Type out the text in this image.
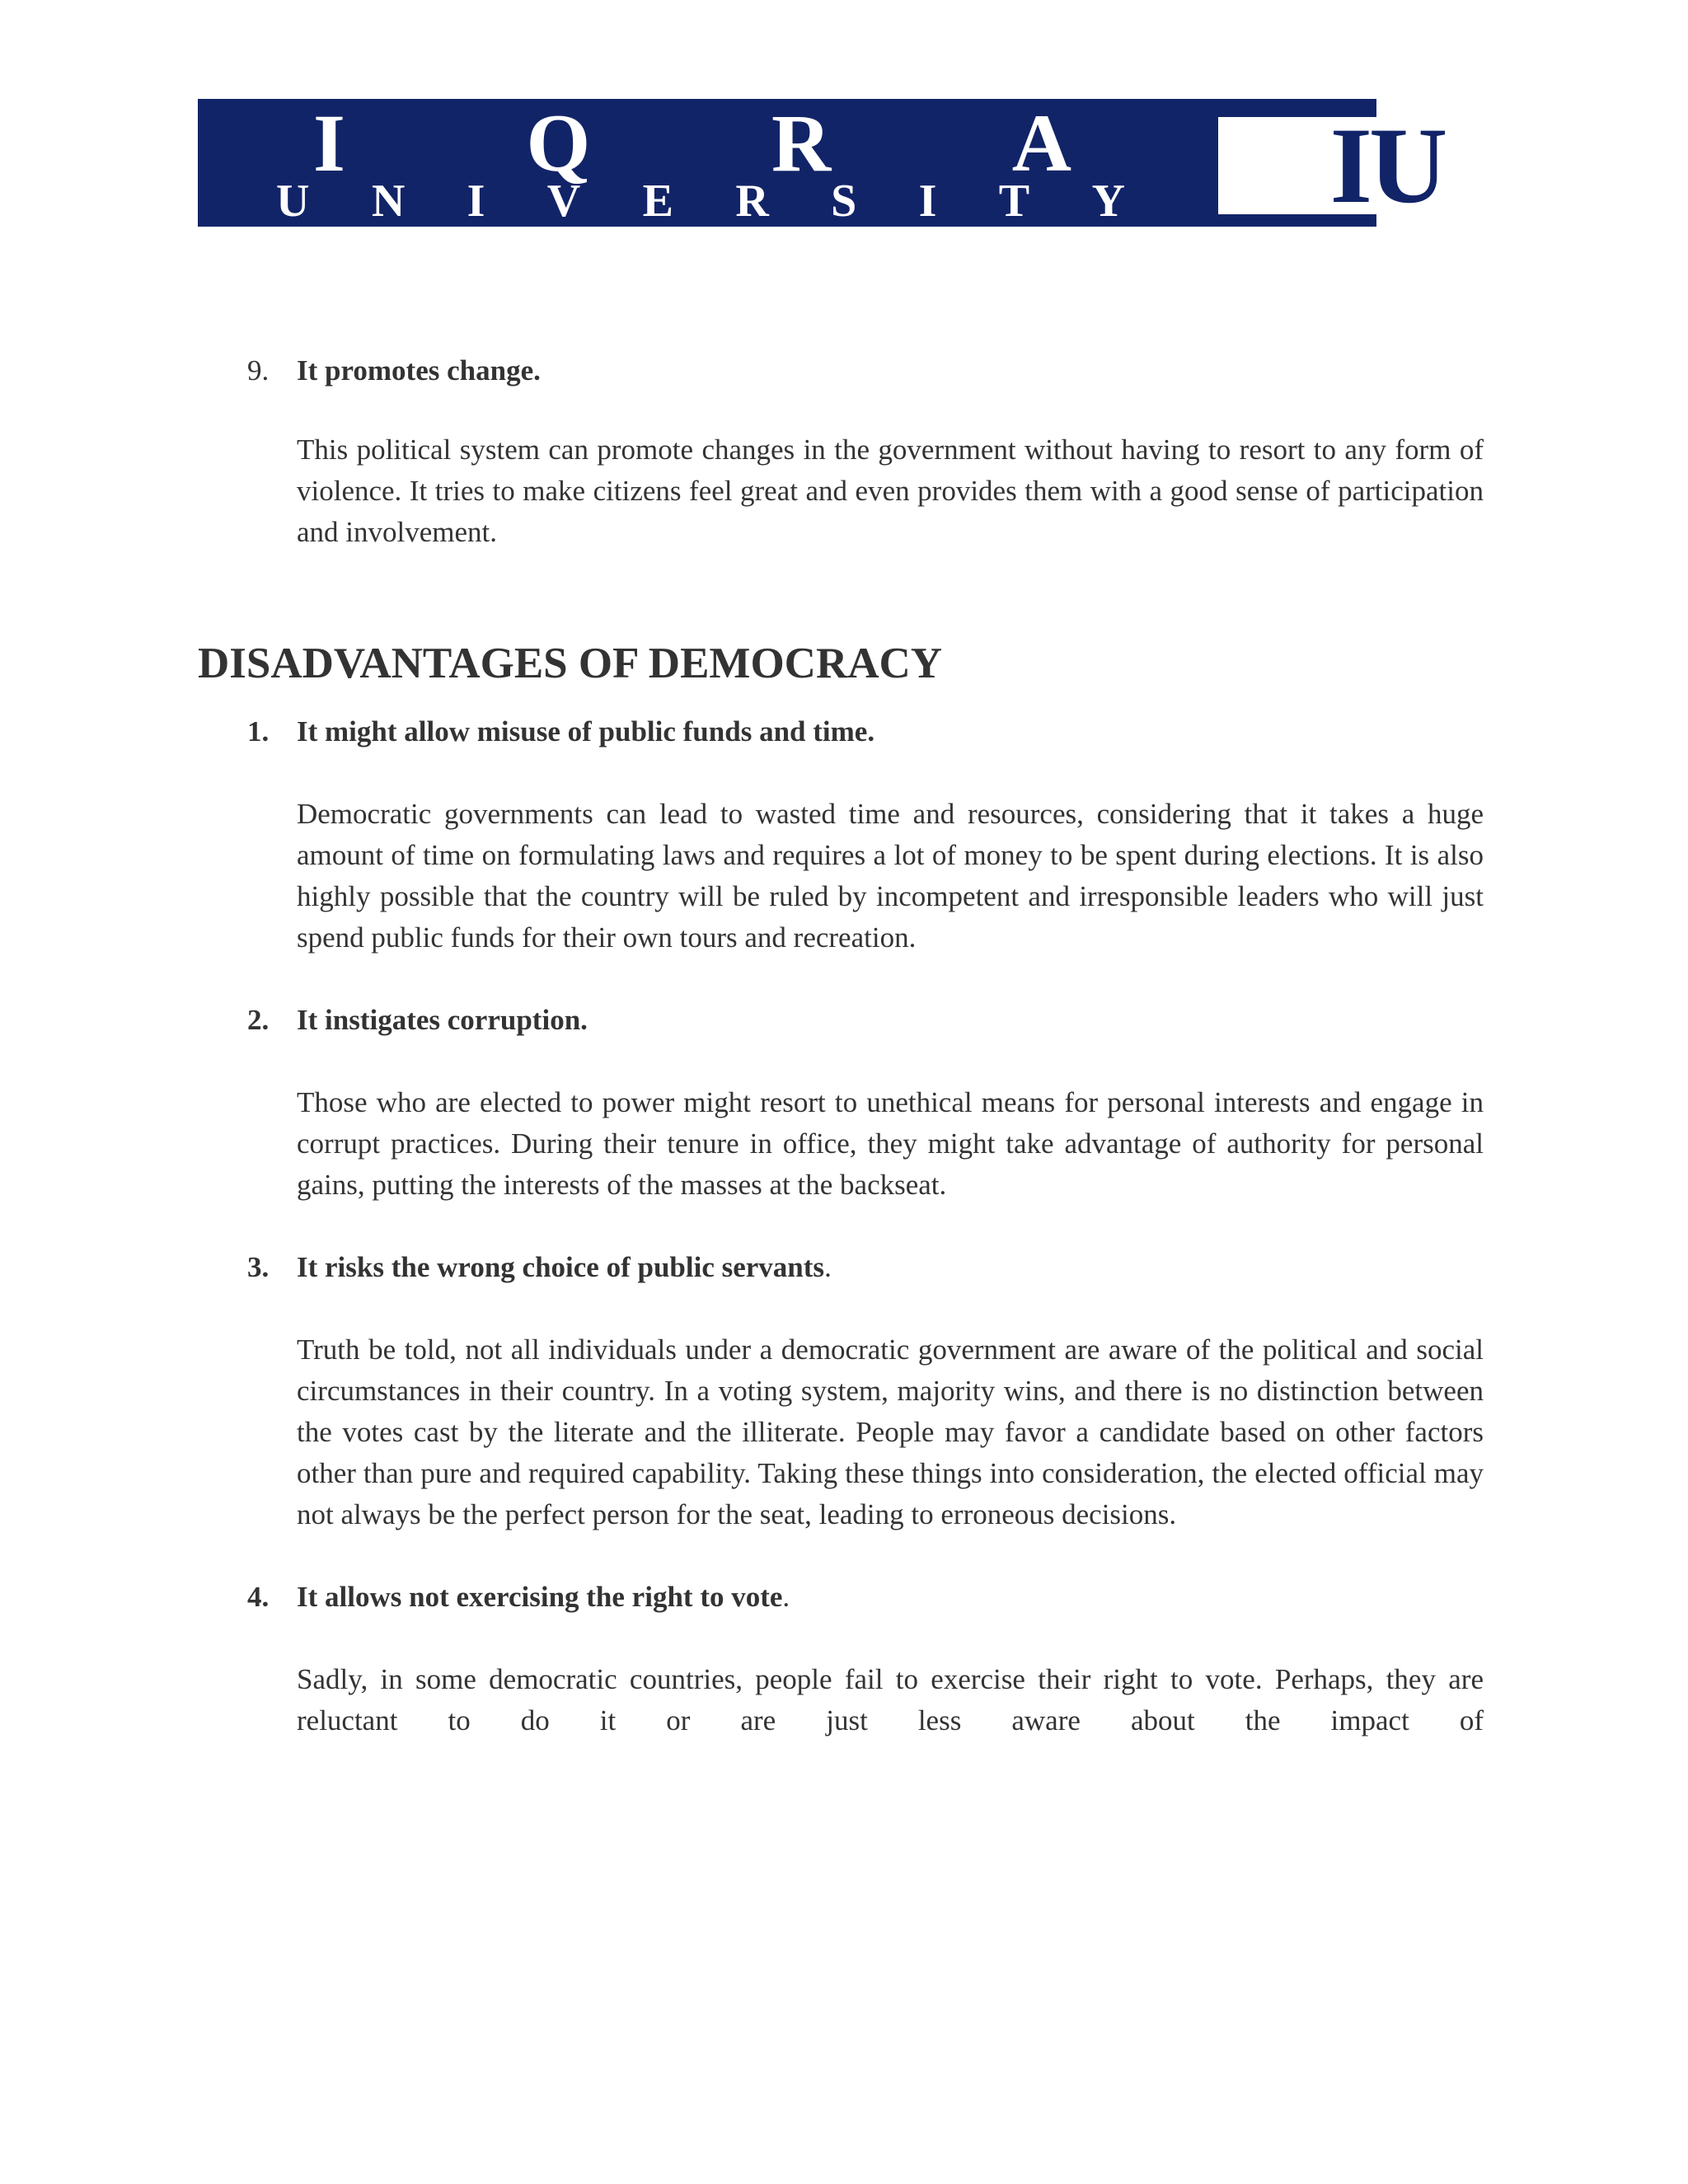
I Q R A
U N I V E R S I T Y	IU
9. It promotes change.

This political system can promote changes in the government without having to resort to any form of violence. It tries to make citizens feel great and even provides them with a good sense of participation and involvement.

DISADVANTAGES OF DEMOCRACY
1. It might allow misuse of public funds and time.

Democratic governments can lead to wasted time and resources, considering that it takes a huge amount of time on formulating laws and requires a lot of money to be spent during elections. It is also highly possible that the country will be ruled by incompetent and irresponsible leaders who will just spend public funds for their own tours and recreation.

2. It instigates corruption.

Those who are elected to power might resort to unethical means for personal interests and engage in corrupt practices. During their tenure in office, they might take advantage of authority for personal gains, putting the interests of the masses at the backseat.

3. It risks the wrong choice of public servants.

Truth be told, not all individuals under a democratic government are aware of the political and social circumstances in their country. In a voting system, majority wins, and there is no distinction between the votes cast by the literate and the illiterate. People may favor a candidate based on other factors other than pure and required capability. Taking these things into consideration, the elected official may not always be the perfect person for the seat, leading to erroneous decisions.

4. It allows not exercising the right to vote.

Sadly, in some democratic countries, people fail to exercise their right to vote. Perhaps, they are reluctant to do it or are just less aware about the impact of
